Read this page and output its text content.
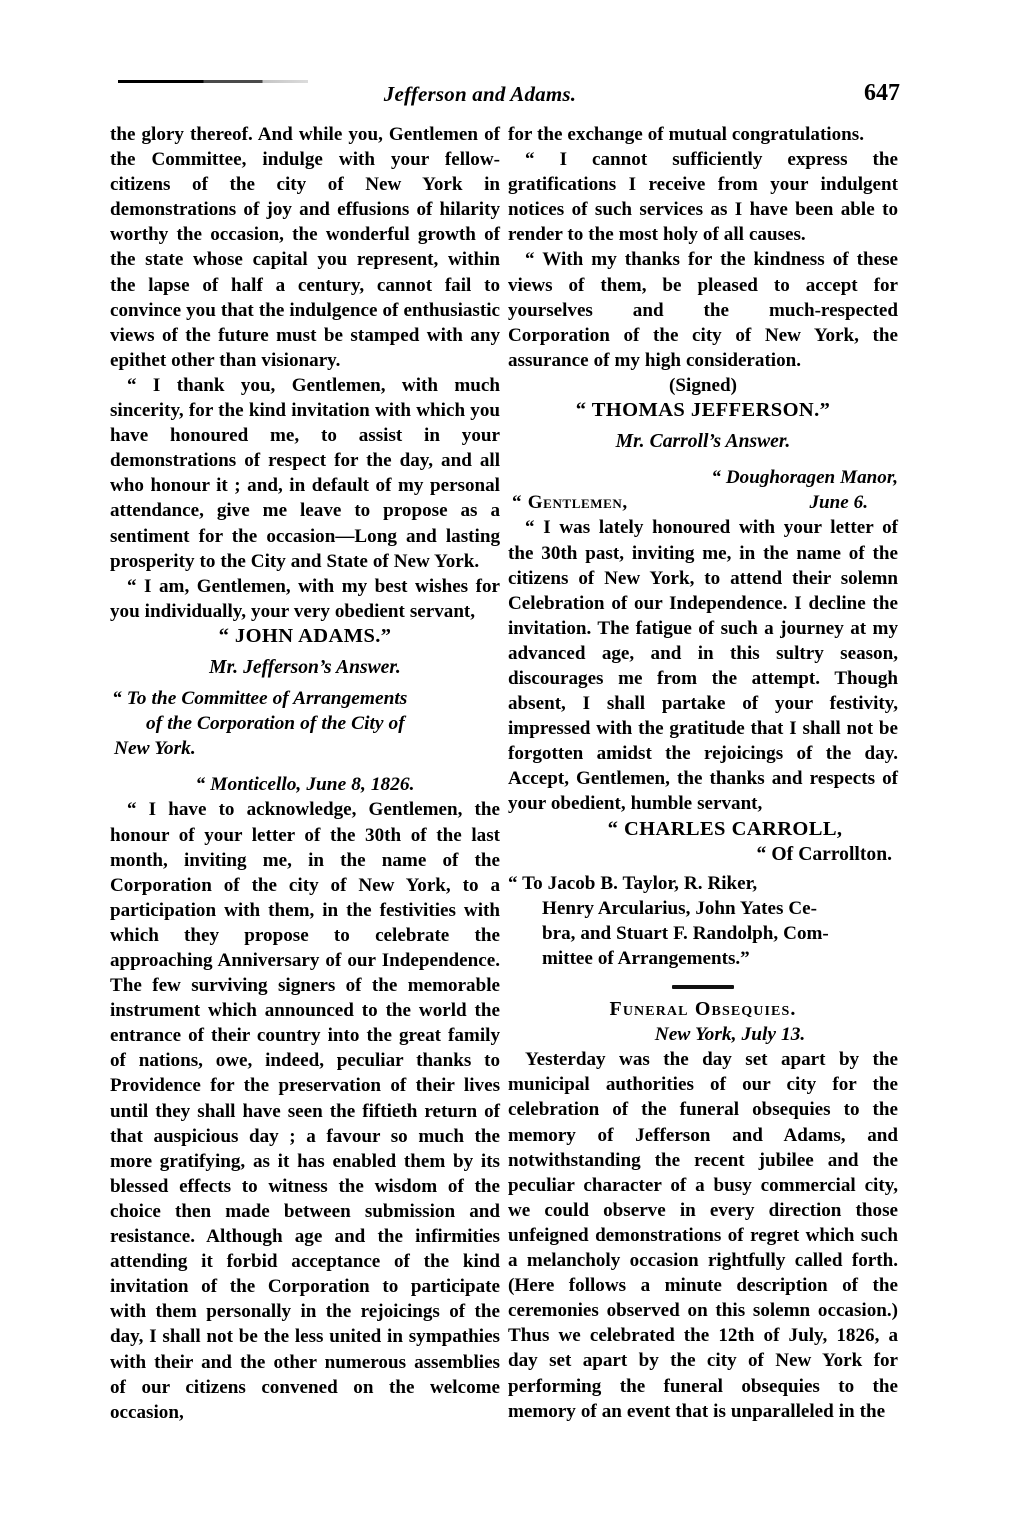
Jefferson and Adams.	647

the glory thereof. And while you, Gentlemen of the Committee, indulge with your fellow-citizens of the city of New York in demonstrations of joy and effusions of hilarity worthy the occasion, the wonderful growth of the state whose capital you represent, within the lapse of half a century, cannot fail to convince you that the indulgence of enthusiastic views of the future must be stamped with any epithet other than visionary.

“ I thank you, Gentlemen, with much sincerity, for the kind invitation with which you have honoured me, to assist in your demonstrations of respect for the day, and all who honour it ; and, in default of my personal attendance, give me leave to propose as a sentiment for the occasion—Long and lasting prosperity to the City and State of New York.

“ I am, Gentlemen, with my best wishes for you individually, your very obedient servant,

“ JOHN ADAMS.”

Mr. Jefferson’s Answer.

“ To the Committee of Arrangements
of the Corporation of the City of
New York.

“ Monticello, June 8, 1826.

“ I have to acknowledge, Gentlemen, the honour of your letter of the 30th of the last month, inviting me, in the name of the Corporation of the city of New York, to a participation with them, in the festivities with which they propose to celebrate the approaching Anniversary of our Independence. The few surviving signers of the memorable instrument which announced to the world the entrance of their country into the great family of nations, owe, indeed, peculiar thanks to Providence for the preservation of their lives until they shall have seen the fiftieth return of that auspicious day ; a favour so much the more gratifying, as it has enabled them by its blessed effects to witness the wisdom of the choice then made between submission and resistance. Although age and the infirmities attending it forbid acceptance of the kind invitation of the Corporation to participate with them personally in the rejoicings of the day, I shall not be the less united in sympathies with their and the other numerous assemblies of our citizens convened on the welcome occasion,

for the exchange of mutual congratulations.

“ I cannot sufficiently express the gratifications I receive from your indulgent notices of such services as I have been able to render to the most holy of all causes.

“ With my thanks for the kindness of these views of them, be pleased to accept for yourselves and the much-respected Corporation of the city of New York, the assurance of my high consideration.

(Signed)

“ THOMAS JEFFERSON.”

Mr. Carroll’s Answer.

“ Doughoragen Manor,

“ Gentlemen,	June 6.

“ I was lately honoured with your letter of the 30th past, inviting me, in the name of the citizens of New York, to attend their solemn Celebration of our Independence. I decline the invitation. The fatigue of such a journey at my advanced age, and in this sultry season, discourages me from the attempt. Though absent, I shall partake of your festivity, impressed with the gratitude that I shall not be forgotten amidst the rejoicings of the day. Accept, Gentlemen, the thanks and respects of your obedient, humble servant,

“ CHARLES CARROLL,

“ Of Carrollton.

“ To Jacob B. Taylor, R. Riker,
Henry Arcularius, John Yates Ce-
bra, and Stuart F. Randolph, Com-
mittee of Arrangements.”

Funeral Obsequies.

New York, July 13.

Yesterday was the day set apart by the municipal authorities of our city for the celebration of the funeral obsequies to the memory of Jefferson and Adams, and notwithstanding the recent jubilee and the peculiar character of a busy commercial city, we could observe in every direction those unfeigned demonstrations of regret which such a melancholy occasion rightfully called forth. (Here follows a minute description of the ceremonies observed on this solemn occasion.) Thus we celebrated the 12th of July, 1826, a day set apart by the city of New York for performing the funeral obsequies to the memory of an event that is unparalleled in the
